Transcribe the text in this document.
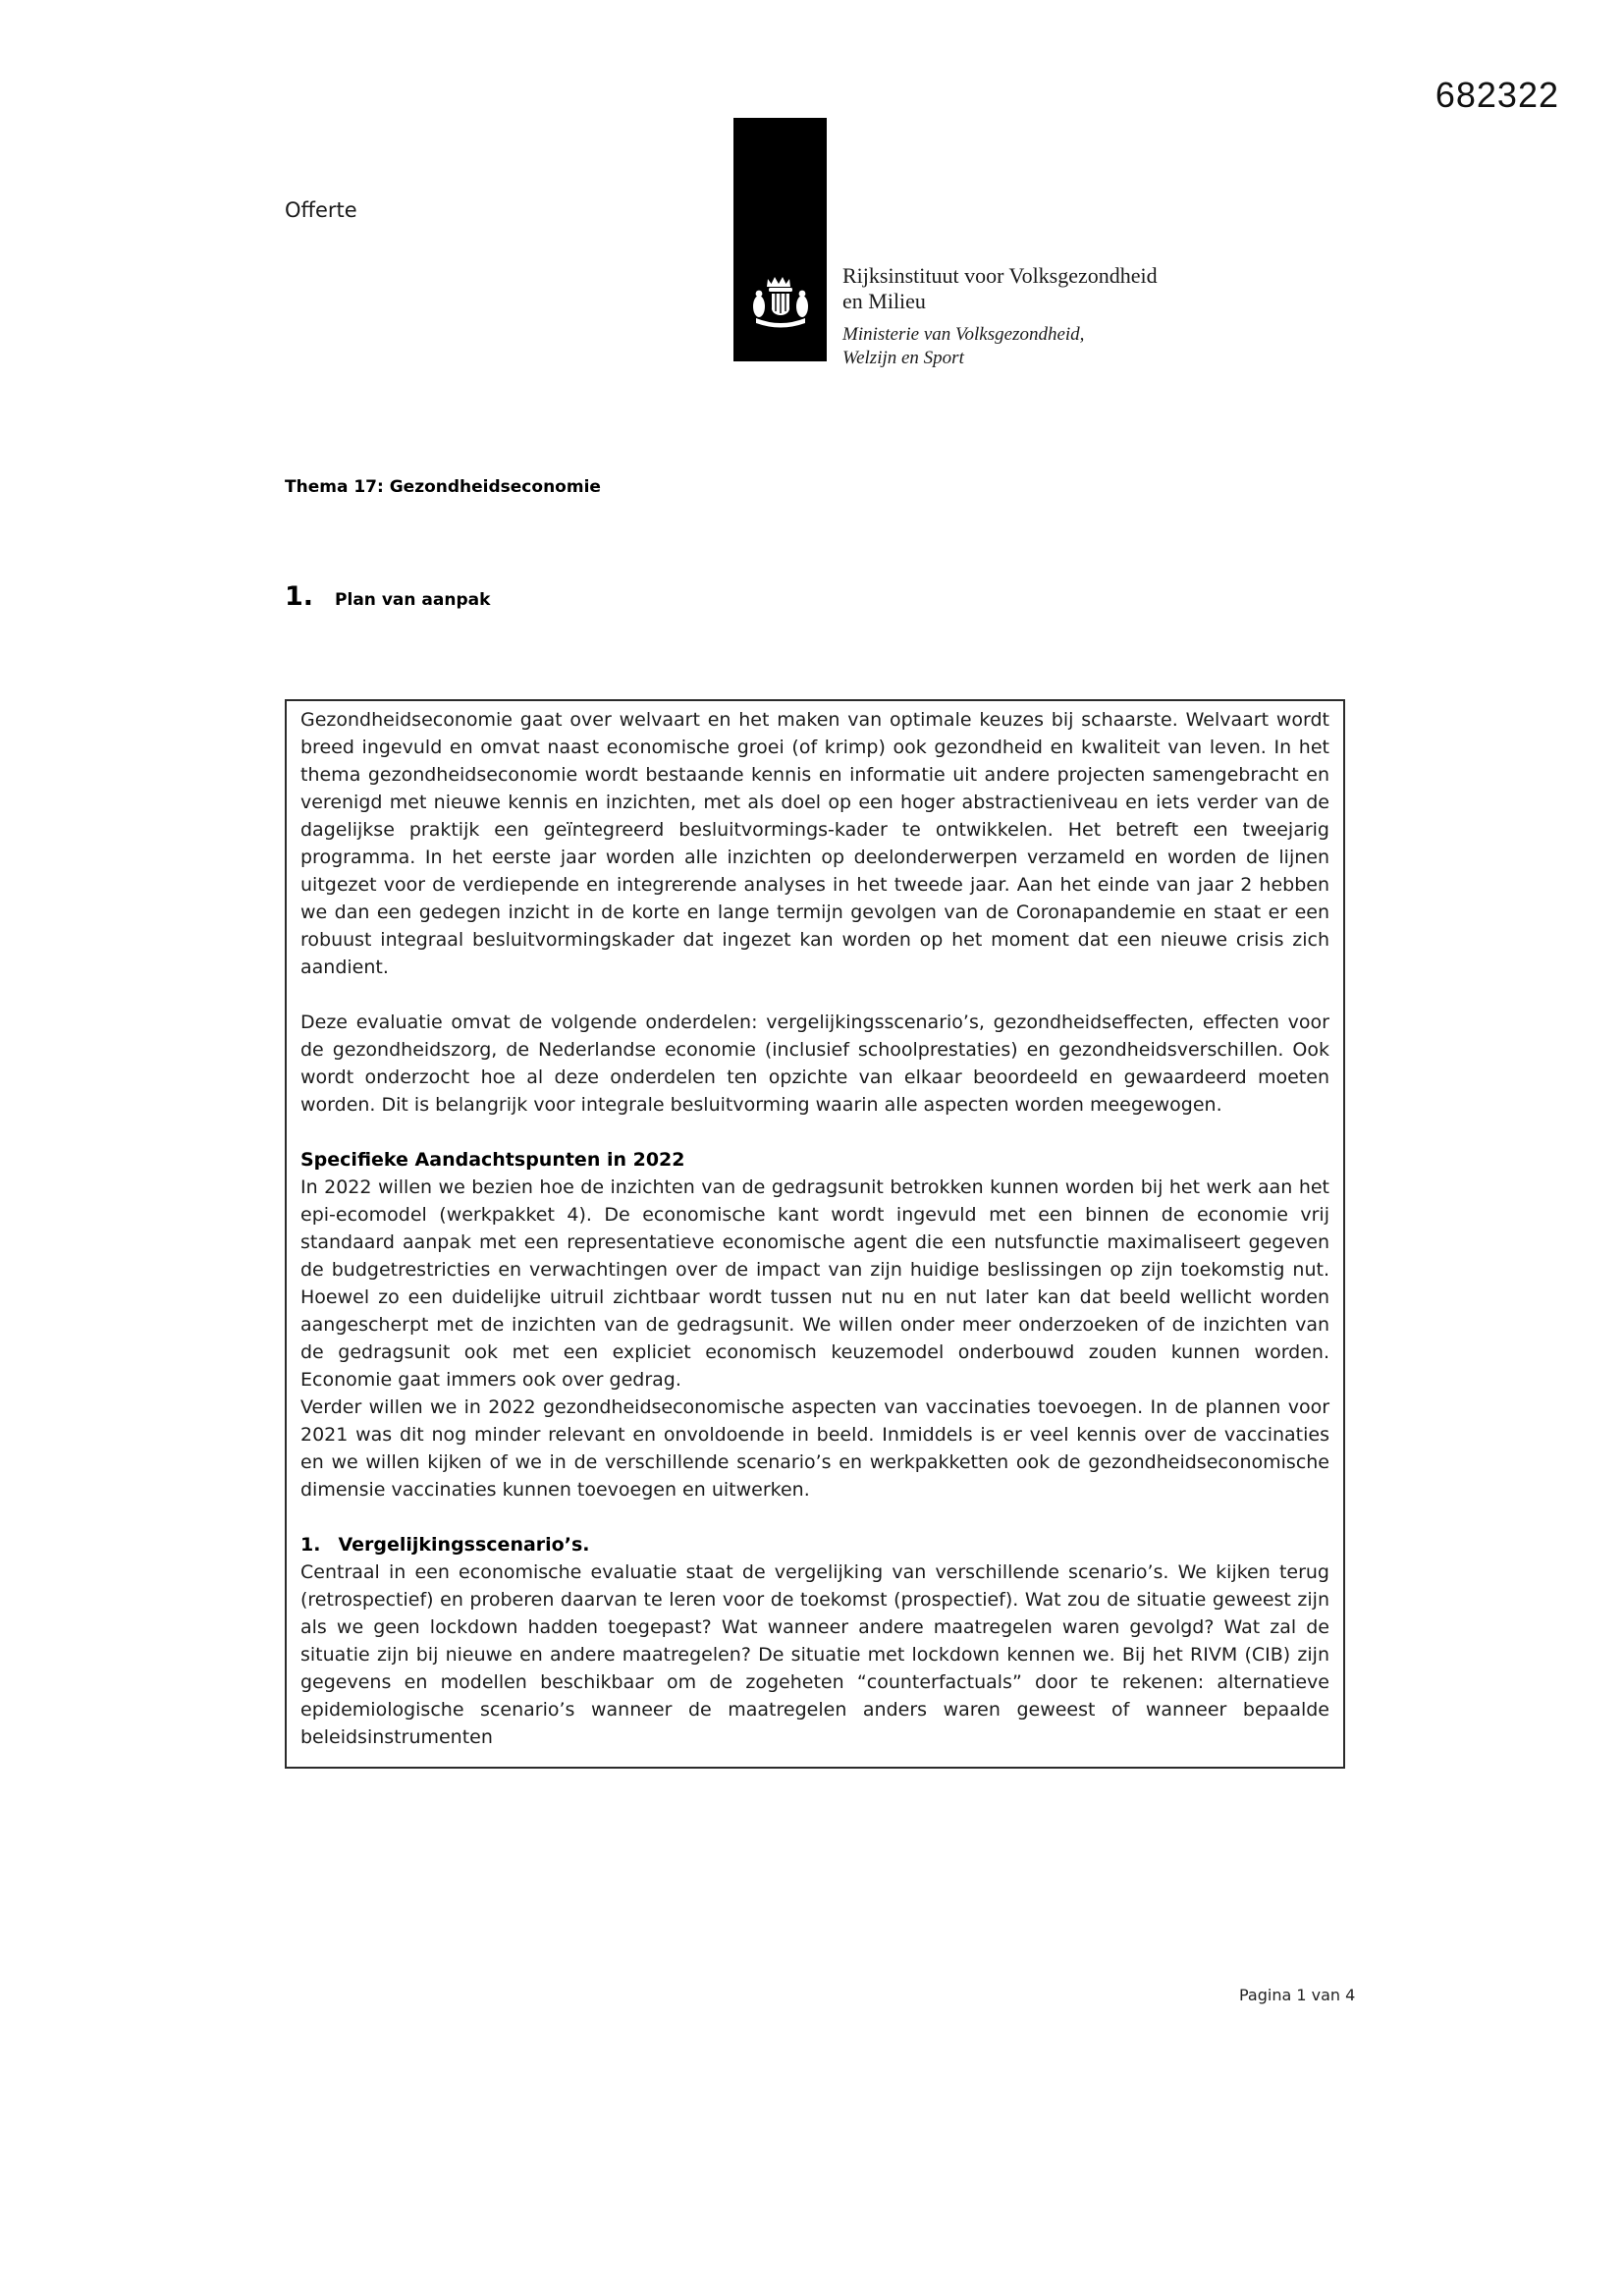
682322
Offerte
Rijksinstituut voor Volksgezondheid
en Milieu
Ministerie van Volksgezondheid,
Welzijn en Sport
Thema 17: Gezondheidseconomie
1. Plan van aanpak

Gezondheidseconomie gaat over welvaart en het maken van optimale keuzes bij schaarste. Welvaart wordt breed ingevuld en omvat naast economische groei (of krimp) ook gezondheid en kwaliteit van leven. In het thema gezondheidseconomie wordt bestaande kennis en informatie uit andere projecten samengebracht en verenigd met nieuwe kennis en inzichten, met als doel op een hoger abstractieniveau en iets verder van de dagelijkse praktijk een geïntegreerd besluitvormings-kader te ontwikkelen. Het betreft een tweejarig programma. In het eerste jaar worden alle inzichten op deelonderwerpen verzameld en worden de lijnen uitgezet voor de verdiepende en integrerende analyses in het tweede jaar. Aan het einde van jaar 2 hebben we dan een gedegen inzicht in de korte en lange termijn gevolgen van de Coronapandemie en staat er een robuust integraal besluitvormingskader dat ingezet kan worden op het moment dat een nieuwe crisis zich aandient.

Deze evaluatie omvat de volgende onderdelen: vergelijkingsscenario’s, gezondheidseffecten, effecten voor de gezondheidszorg, de Nederlandse economie (inclusief schoolprestaties) en gezondheidsverschillen. Ook wordt onderzocht hoe al deze onderdelen ten opzichte van elkaar beoordeeld en gewaardeerd moeten worden. Dit is belangrijk voor integrale besluitvorming waarin alle aspecten worden meegewogen.

Specifieke Aandachtspunten in 2022

In 2022 willen we bezien hoe de inzichten van de gedragsunit betrokken kunnen worden bij het werk aan het epi-ecomodel (werkpakket 4). De economische kant wordt ingevuld met een binnen de economie vrij standaard aanpak met een representatieve economische agent die een nutsfunctie maximaliseert gegeven de budgetrestricties en verwachtingen over de impact van zijn huidige beslissingen op zijn toekomstig nut. Hoewel zo een duidelijke uitruil zichtbaar wordt tussen nut nu en nut later kan dat beeld wellicht worden aangescherpt met de inzichten van de gedragsunit. We willen onder meer onderzoeken of de inzichten van de gedragsunit ook met een expliciet economisch keuzemodel onderbouwd zouden kunnen worden. Economie gaat immers ook over gedrag.

Verder willen we in 2022 gezondheidseconomische aspecten van vaccinaties toevoegen. In de plannen voor 2021 was dit nog minder relevant en onvoldoende in beeld. Inmiddels is er veel kennis over de vaccinaties en we willen kijken of we in de verschillende scenario’s en werkpakketten ook de gezondheidseconomische dimensie vaccinaties kunnen toevoegen en uitwerken.

1. Vergelijkingsscenario’s.

Centraal in een economische evaluatie staat de vergelijking van verschillende scenario’s. We kijken terug (retrospectief) en proberen daarvan te leren voor de toekomst (prospectief). Wat zou de situatie geweest zijn als we geen lockdown hadden toegepast? Wat wanneer andere maatregelen waren gevolgd? Wat zal de situatie zijn bij nieuwe en andere maatregelen? De situatie met lockdown kennen we. Bij het RIVM (CIB) zijn gegevens en modellen beschikbaar om de zogeheten “counterfactuals” door te rekenen: alternatieve epidemiologische scenario’s wanneer de maatregelen anders waren geweest of wanneer bepaalde beleidsinstrumenten

Pagina 1 van 4
